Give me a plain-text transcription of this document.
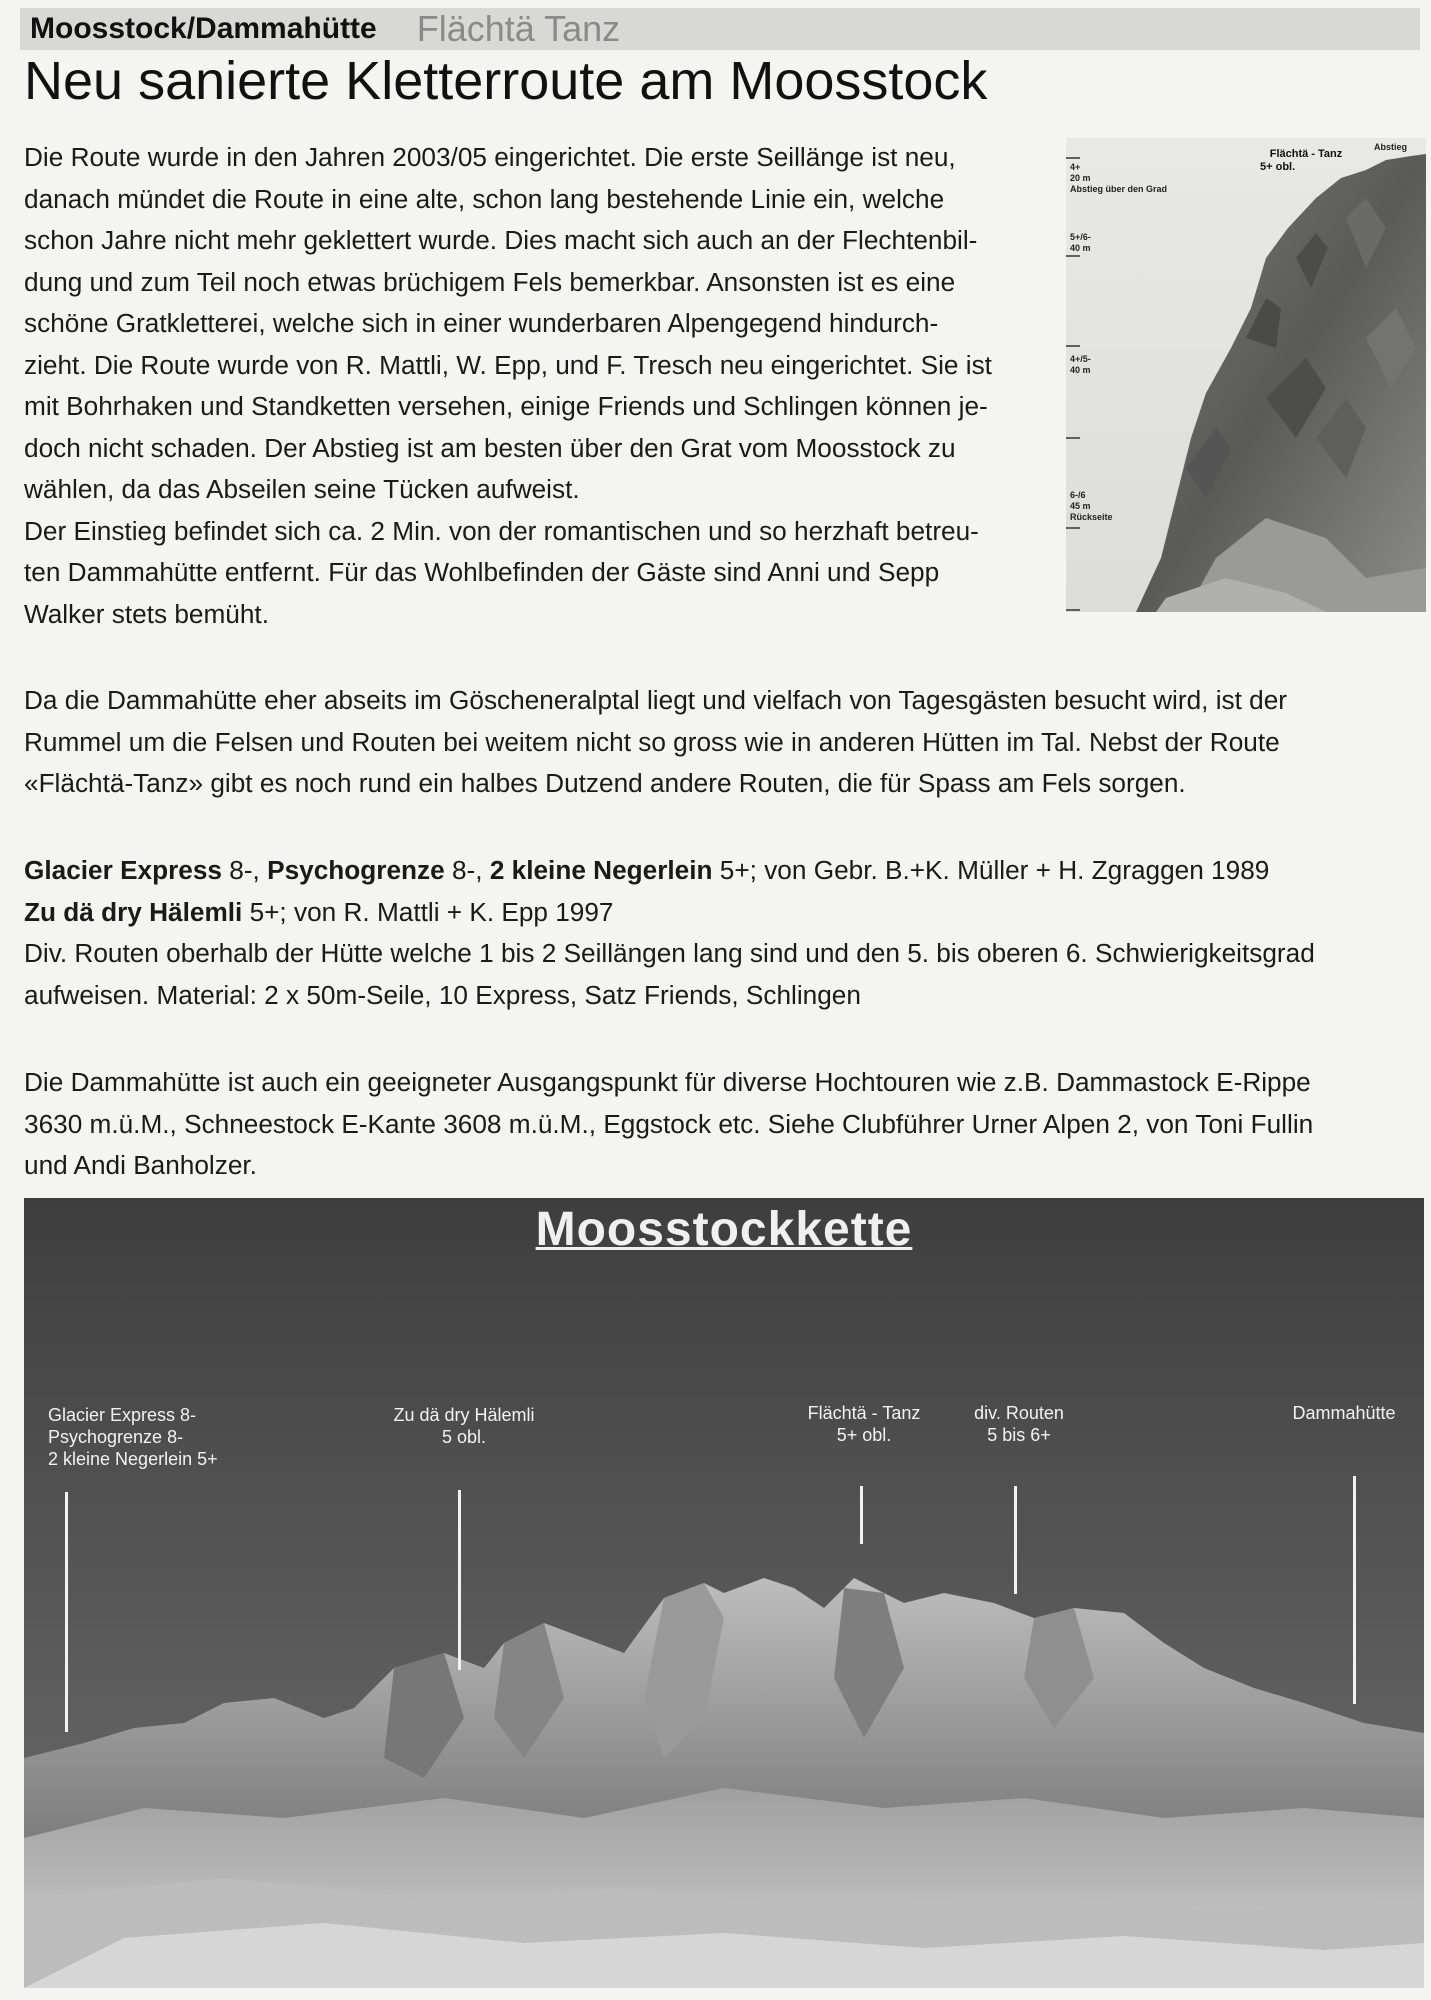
Moosstock/Dammahütte Flächtä Tanz
Neu sanierte Kletterroute am Moosstock

Die Route wurde in den Jahren 2003/05 eingerichtet. Die erste Seillänge ist neu,

danach mündet die Route in eine alte, schon lang bestehende Linie ein, welche

schon Jahre nicht mehr geklettert wurde. Dies macht sich auch an der Flechtenbil-

dung und zum Teil noch etwas brüchigem Fels bemerkbar. Ansonsten ist es eine

schöne Gratkletterei, welche sich in einer wunderbaren Alpengegend hindurch-

zieht. Die Route wurde von R. Mattli, W. Epp, und F. Tresch neu eingerichtet. Sie ist

mit Bohrhaken und Standketten versehen, einige Friends und Schlingen können je-

doch nicht schaden. Der Abstieg ist am besten über den Grat vom Moosstock zu

wählen, da das Abseilen seine Tücken aufweist.

Der Einstieg befindet sich ca. 2 Min. von der romantischen und so herzhaft betreu-

ten Dammahütte entfernt. Für das Wohlbefinden der Gäste sind Anni und Sepp

Walker stets bemüht.

Flächtä - Tanz
5+ obl.
Abstieg
4+
20 m
Abstieg über den Grad
5+/6-
40 m
4+/5-
40 m
6-/6
45 m
Rückseite

Da die Dammahütte eher abseits im Göscheneralptal liegt und vielfach von Tagesgästen besucht wird, ist der

Rummel um die Felsen und Routen bei weitem nicht so gross wie in anderen Hütten im Tal. Nebst der Route

«Flächtä-Tanz» gibt es noch rund ein halbes Dutzend andere Routen, die für Spass am Fels sorgen.

Glacier Express 8-, Psychogrenze 8-, 2 kleine Negerlein 5+; von Gebr. B.+K. Müller + H. Zgraggen 1989

Zu dä dry Hälemli 5+; von R. Mattli + K. Epp 1997

Div. Routen oberhalb der Hütte welche 1 bis 2 Seillängen lang sind und den 5. bis oberen 6. Schwierigkeitsgrad

aufweisen. Material: 2 x 50m-Seile, 10 Express, Satz Friends, Schlingen

Die Dammahütte ist auch ein geeigneter Ausgangspunkt für diverse Hochtouren wie z.B. Dammastock E-Rippe

3630 m.ü.M., Schneestock E-Kante 3608 m.ü.M., Eggstock etc. Siehe Clubführer Urner Alpen 2, von Toni Fullin

und Andi Banholzer.

Moosstockkette
Glacier Express 8-
Psychogrenze 8-
2 kleine Negerlein 5+
Zu dä dry Hälemli
5 obl.
Flächtä - Tanz
5+ obl.
div. Routen
5 bis 6+
Dammahütte
